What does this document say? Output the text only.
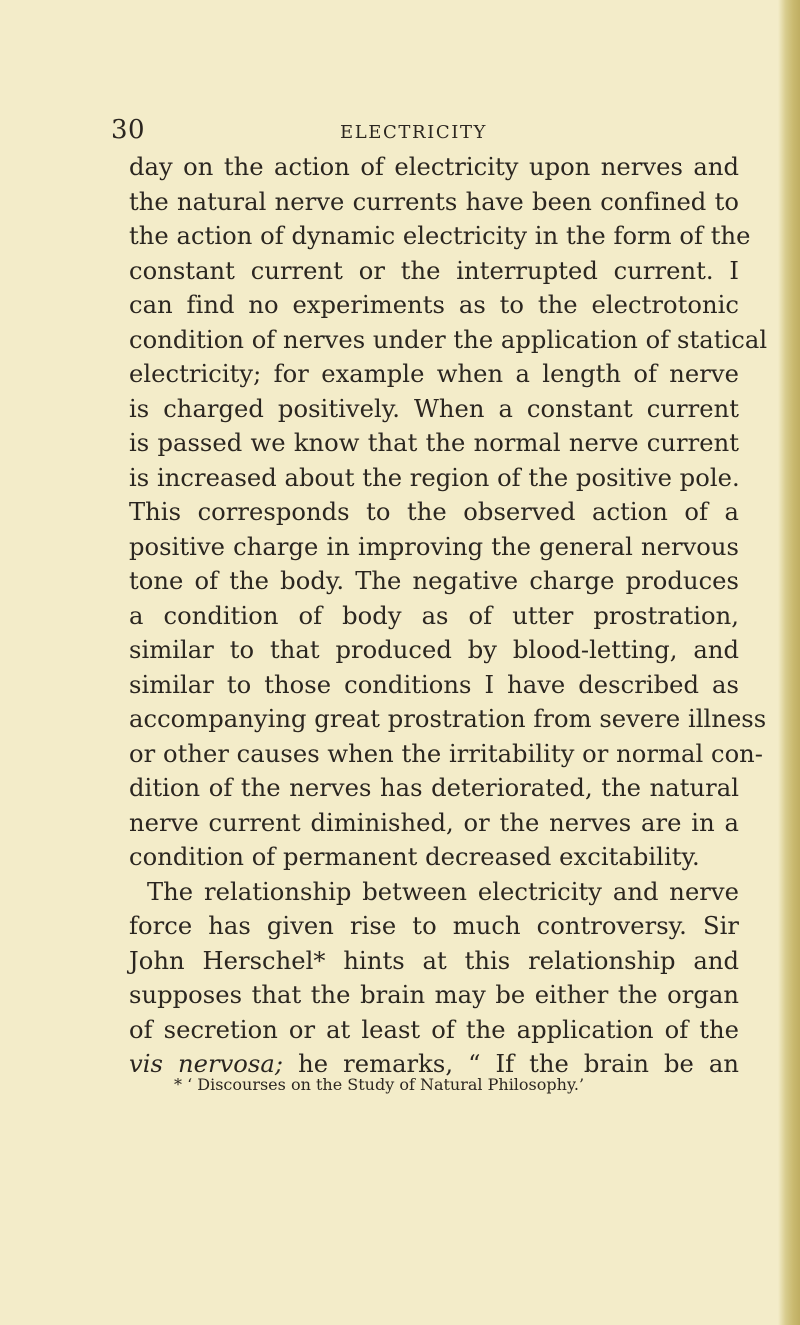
30	ELECTRICITY
day on the action of electricity upon nerves and
the natural nerve currents have been confined to
the action of dynamic electricity in the form of the
constant current or the interrupted current. I
can find no experiments as to the electrotonic
condition of nerves under the application of statical
electricity; for example when a length of nerve
is charged positively. When a constant current
is passed we know that the normal nerve current
is increased about the region of the positive pole.
This corresponds to the observed action of a
positive charge in improving the general nervous
tone of the body. The negative charge produces
a condition of body as of utter prostration,
similar to that produced by blood-letting, and
similar to those conditions I have described as
accompanying great prostration from severe illness
or other causes when the irritability or normal con-
dition of the nerves has deteriorated, the natural
nerve current diminished, or the nerves are in a
condition of permanent decreased excitability.
The relationship between electricity and nerve
force has given rise to much controversy. Sir
John Herschel* hints at this relationship and
supposes that the brain may be either the organ
of secretion or at least of the application of the
vis nervosa; he remarks, “ If the brain be an
* ‘ Discourses on the Study of Natural Philosophy.’
